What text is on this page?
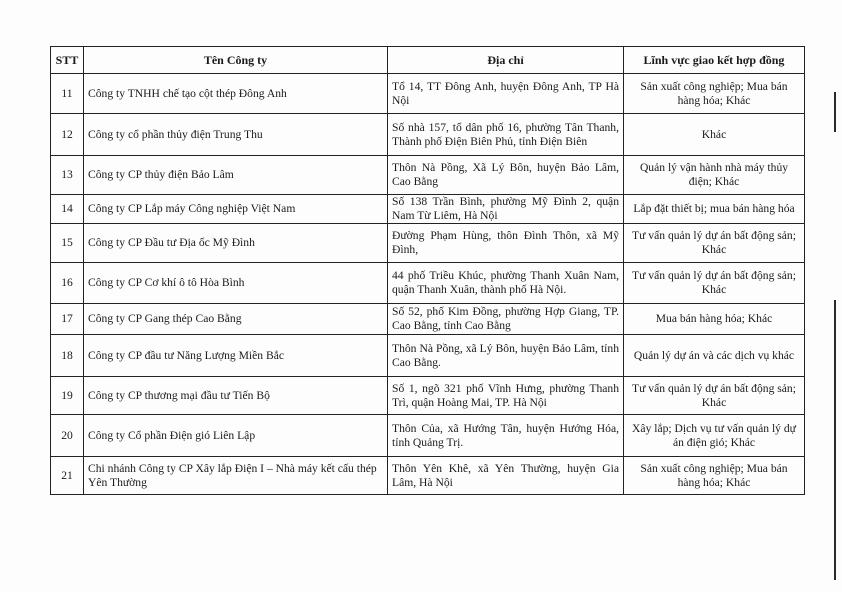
STT	Tên Công ty	Địa chỉ	Lĩnh vực giao kết hợp đồng
11	Công ty TNHH chế tạo cột thép Đông Anh	Tổ 14, TT Đông Anh, huyện Đông Anh, TP Hà Nội	Sản xuất công nghiệp; Mua bán hàng hóa; Khác
12	Công ty cổ phần thủy điện Trung Thu	Số nhà 157, tổ dân phố 16, phường Tân Thanh, Thành phố Điện Biên Phủ, tỉnh Điện Biên	Khác
13	Công ty CP thủy điện Bảo Lâm	Thôn Nà Pồng, Xã Lý Bôn, huyện Bảo Lâm, Cao Bằng	Quản lý vận hành nhà máy thủy điện; Khác
14	Công ty CP Lắp máy Công nghiệp Việt Nam	Số 138 Trần Bình, phường Mỹ Đình 2, quận Nam Từ Liêm, Hà Nội	Lắp đặt thiết bị; mua bán hàng hóa
15	Công ty CP Đầu tư Địa ốc Mỹ Đình	Đường Phạm Hùng, thôn Đình Thôn, xã Mỹ Đình,	Tư vấn quản lý dự án bất động sản; Khác
16	Công ty CP Cơ khí ô tô Hòa Bình	44 phố Triều Khúc, phường Thanh Xuân Nam, quận Thanh Xuân, thành phố Hà Nội.	Tư vấn quản lý dự án bất động sản; Khác
17	Công ty CP Gang thép Cao Bằng	Số 52, phố Kim Đồng, phường Hợp Giang, TP. Cao Bằng, tỉnh Cao Bằng	Mua bán hàng hóa; Khác
18	Công ty CP đầu tư Năng Lượng Miền Bắc	Thôn Nà Pồng, xã Lý Bôn, huyện Bảo Lâm, tỉnh Cao Bằng.	Quản lý dự án và các dịch vụ khác
19	Công ty CP thương mại đầu tư Tiến Bộ	Số 1, ngõ 321 phố Vĩnh Hưng, phường Thanh Trì, quận Hoàng Mai, TP. Hà Nội	Tư vấn quản lý dự án bất động sản; Khác
20	Công ty Cổ phần Điện gió Liên Lập	Thôn Của, xã Hướng Tân, huyện Hướng Hóa, tỉnh Quảng Trị.	Xây lắp; Dịch vụ tư vấn quản lý dự án điện gió; Khác
21	Chi nhánh Công ty CP Xây lắp Điện I – Nhà máy kết cấu thép Yên Thường	Thôn Yên Khê, xã Yên Thường, huyện Gia Lâm, Hà Nội	Sản xuất công nghiệp; Mua bán hàng hóa; Khác
